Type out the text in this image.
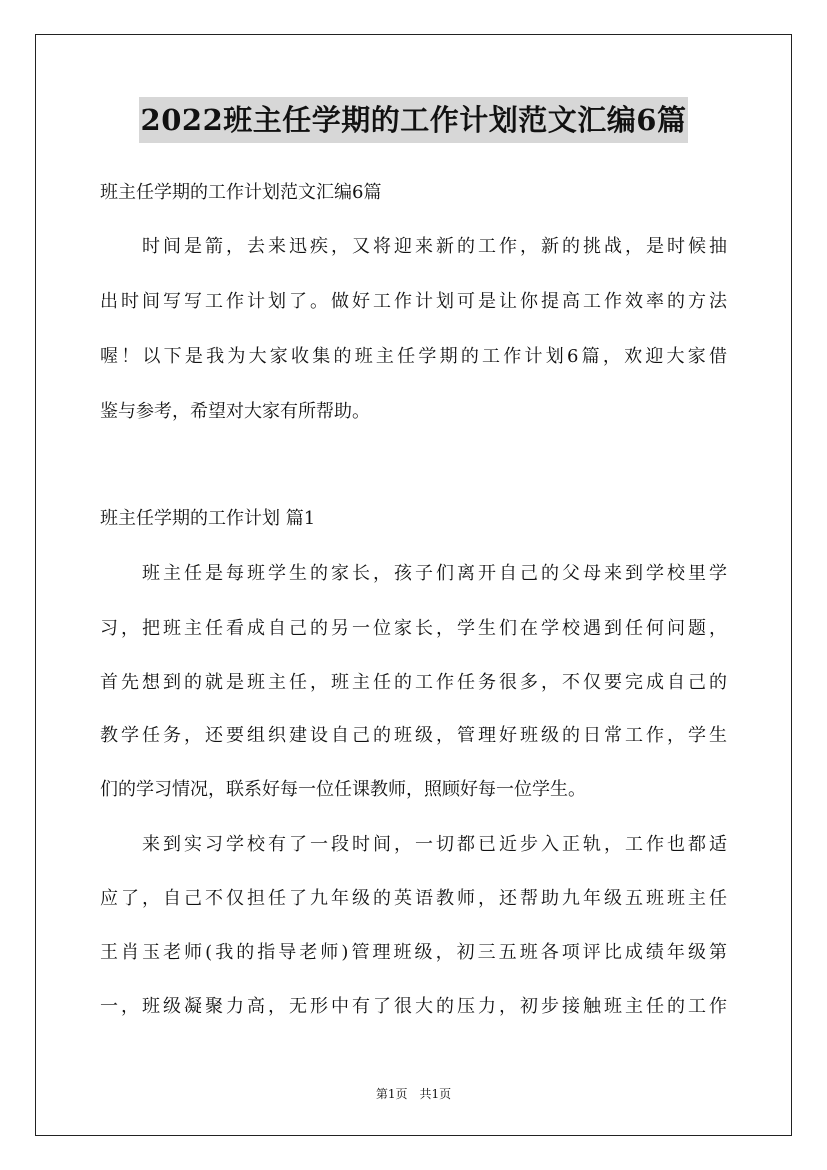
2022班主任学期的工作计划范文汇编6篇
班主任学期的工作计划范文汇编6篇
　　时间是箭，去来迅疾，又将迎来新的工作，新的挑战，是时候抽
出时间写写工作计划了。做好工作计划可是让你提高工作效率的方法
喔！以下是我为大家收集的班主任学期的工作计划6篇，欢迎大家借
鉴与参考，希望对大家有所帮助。
班主任学期的工作计划 篇1
　　班主任是每班学生的家长，孩子们离开自己的父母来到学校里学
习，把班主任看成自己的另一位家长，学生们在学校遇到任何问题，
首先想到的就是班主任，班主任的工作任务很多，不仅要完成自己的
教学任务，还要组织建设自己的班级，管理好班级的日常工作，学生
们的学习情况，联系好每一位任课教师，照顾好每一位学生。
　　来到实习学校有了一段时间，一切都已近步入正轨，工作也都适
应了，自己不仅担任了九年级的英语教师，还帮助九年级五班班主任
王肖玉老师(我的指导老师)管理班级，初三五班各项评比成绩年级第
一，班级凝聚力高，无形中有了很大的压力，初步接触班主任的工作
第1页　共1页
